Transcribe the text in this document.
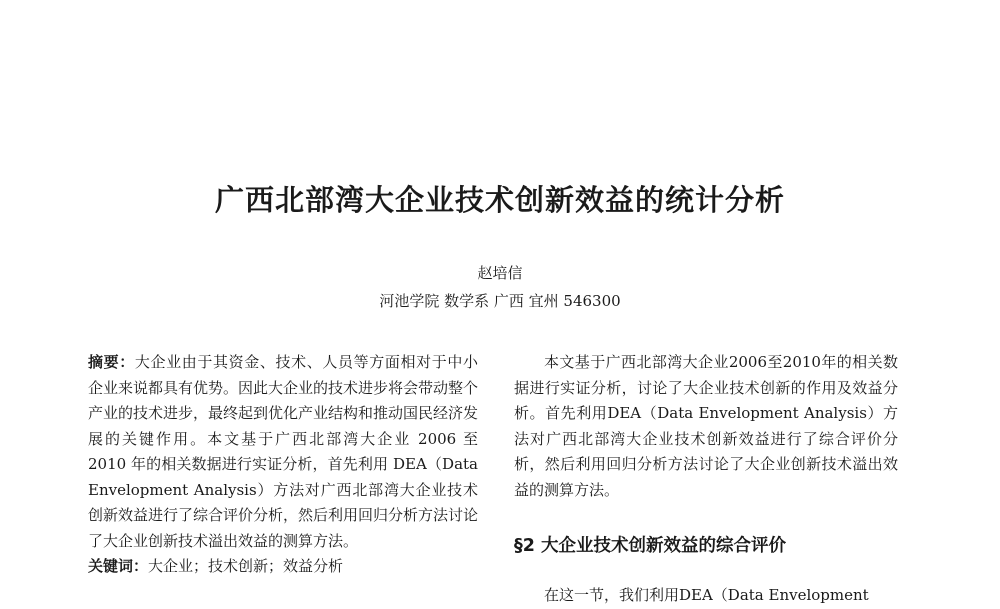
广西北部湾大企业技术创新效益的统计分析
赵培信
河池学院 数学系 广西 宜州 546300

摘要：大企业由于其资金、技术、人员等方面相对于中小企业来说都具有优势。因此大企业的技术进步将会带动整个产业的技术进步，最终起到优化产业结构和推动国民经济发展的关键作用。本文基于广西北部湾大企业 2006 至 2010 年的相关数据进行实证分析，首先利用 DEA（Data Envelopment Analysis）方法对广西北部湾大企业技术创新效益进行了综合评价分析，然后利用回归分析方法讨论了大企业创新技术溢出效益的测算方法。

关键词：大企业；技术创新；效益分析

本文基于广西北部湾大企业2006至2010年的相关数据进行实证分析，讨论了大企业技术创新的作用及效益分析。首先利用DEA（Data Envelopment Analysis）方法对广西北部湾大企业技术创新效益进行了综合评价分析，然后利用回归分析方法讨论了大企业创新技术溢出效益的测算方法。

§2 大企业技术创新效益的综合评价
在这一节，我们利用DEA（Data Envelopment
